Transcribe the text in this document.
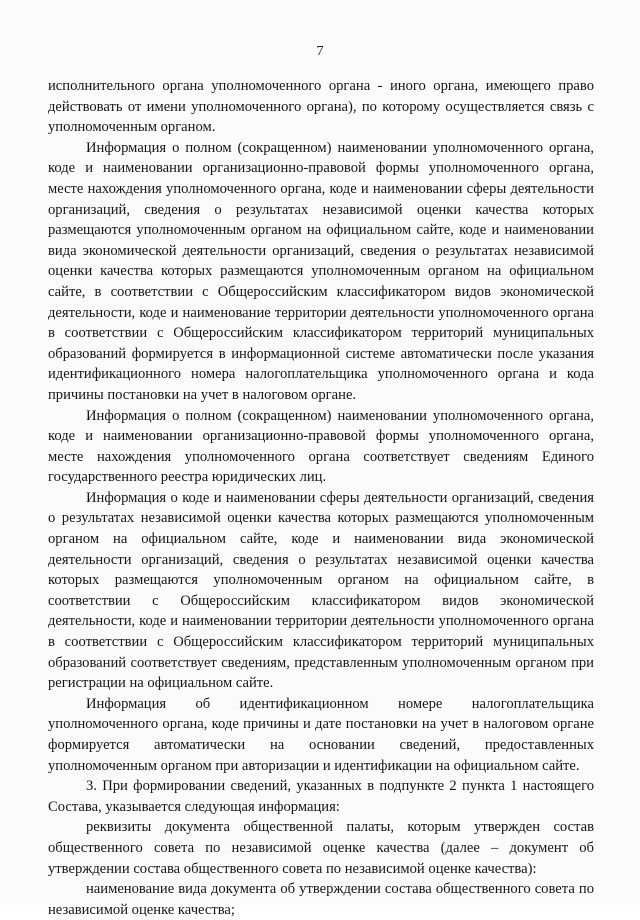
7

исполнительного органа уполномоченного органа - иного органа, имеющего право действовать от имени уполномоченного органа), по которому осуществляется связь с уполномоченным органом.

Информация о полном (сокращенном) наименовании уполномоченного органа, коде и наименовании организационно-правовой формы уполномоченного органа, месте нахождения уполномоченного органа, коде и наименовании сферы деятельности организаций, сведения о результатах независимой оценки качества которых размещаются уполномоченным органом на официальном сайте, коде и наименовании вида экономической деятельности организаций, сведения о результатах независимой оценки качества которых размещаются уполномоченным органом на официальном сайте, в соответствии с Общероссийским классификатором видов экономической деятельности, коде и наименование территории деятельности уполномоченного органа в соответствии с Общероссийским классификатором территорий муниципальных образований формируется в информационной системе автоматически после указания идентификационного номера налогоплательщика уполномоченного органа и кода причины постановки на учет в налоговом органе.

Информация о полном (сокращенном) наименовании уполномоченного органа, коде и наименовании организационно-правовой формы уполномоченного органа, месте нахождения уполномоченного органа соответствует сведениям Единого государственного реестра юридических лиц.

Информация о коде и наименовании сферы деятельности организаций, сведения о результатах независимой оценки качества которых размещаются уполномоченным органом на официальном сайте, коде и наименовании вида экономической деятельности организаций, сведения о результатах независимой оценки качества которых размещаются уполномоченным органом на официальном сайте, в соответствии с Общероссийским классификатором видов экономической деятельности, коде и наименовании территории деятельности уполномоченного органа в соответствии с Общероссийским классификатором территорий муниципальных образований соответствует сведениям, представленным уполномоченным органом при регистрации на официальном сайте.

Информация об идентификационном номере налогоплательщика уполномоченного органа, коде причины и дате постановки на учет в налоговом органе формируется автоматически на основании сведений, предоставленных уполномоченным органом при авторизации и идентификации на официальном сайте.

3. При формировании сведений, указанных в подпункте 2 пункта 1 настоящего Состава, указывается следующая информация:

реквизиты документа общественной палаты, которым утвержден состав общественного совета по независимой оценке качества (далее – документ об утверждении состава общественного совета по независимой оценке качества):

наименование вида документа об утверждении состава общественного совета по независимой оценке качества;
